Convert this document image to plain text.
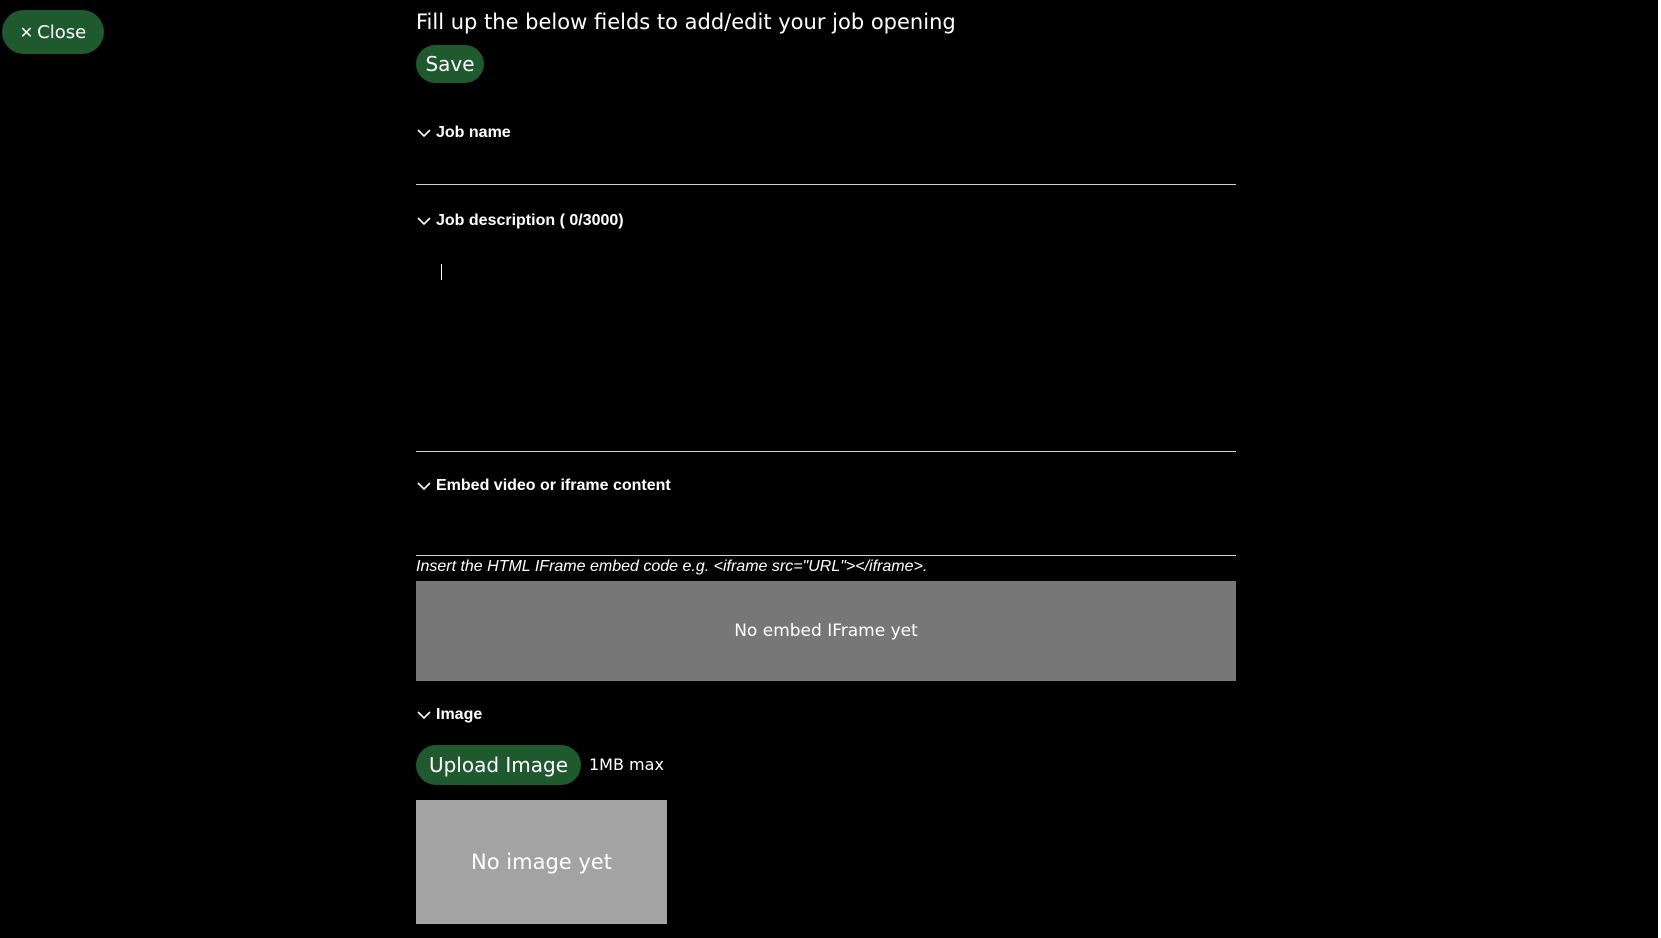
✕ Close	Fill up the below fields to add/edit your job opening
Save
Job name
Job description ( 0/3000)
Embed video or iframe content
Insert the HTML IFrame embed code e.g. <iframe src="URL"></iframe>.
No embed IFrame yet
Image
Upload Image	1MB max
No image yet
